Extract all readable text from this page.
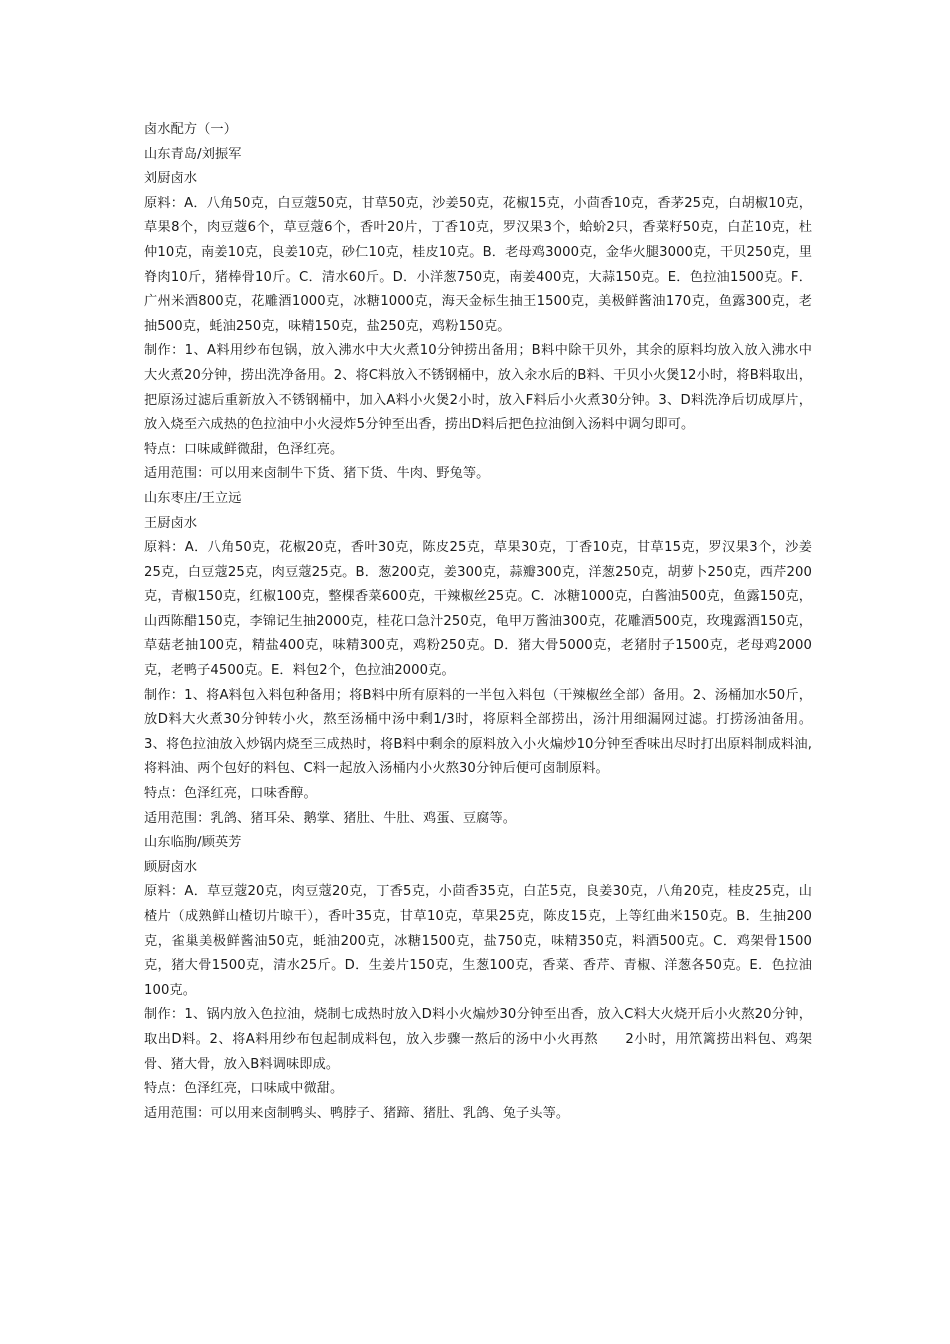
卤水配方（一）

山东青岛/刘振军

刘厨卤水

原料：A．八角50克，白豆蔻50克，甘草50克，沙姜50克，花椒15克，小茴香10克，香茅25克，白胡椒10克，草果8个，肉豆蔻6个，草豆蔻6个，香叶20片，丁香10克，罗汉果3个，蛤蚧2只，香菜籽50克，白芷10克，杜仲10克，南姜10克，良姜10克，砂仁10克，桂皮10克。B．老母鸡3000克，金华火腿3000克，干贝250克，里脊肉10斤，猪棒骨10斤。C．清水60斤。D．小洋葱750克，南姜400克，大蒜150克。E．色拉油1500克。F．广州米酒800克，花雕酒1000克，冰糖1000克，海天金标生抽王1500克，美极鲜酱油170克，鱼露300克，老抽500克，蚝油250克，味精150克，盐250克，鸡粉150克。

制作：1、A料用纱布包锅，放入沸水中大火煮10分钟捞出备用；B料中除干贝外，其余的原料均放入放入沸水中大火煮20分钟，捞出洗净备用。2、将C料放入不锈钢桶中，放入汆水后的B料、干贝小火煲12小时，将B料取出，把原汤过滤后重新放入不锈钢桶中，加入A料小火煲2小时，放入F料后小火煮30分钟。3、D料洗净后切成厚片，放入烧至六成热的色拉油中小火浸炸5分钟至出香，捞出D料后把色拉油倒入汤料中调匀即可。

特点：口味咸鲜微甜，色泽红亮。

适用范围：可以用来卤制牛下货、猪下货、牛肉、野兔等。

山东枣庄/王立远

王厨卤水

原料：A．八角50克，花椒20克，香叶30克，陈皮25克，草果30克，丁香10克，甘草15克，罗汉果3个，沙姜25克，白豆蔻25克，肉豆蔻25克。B．葱200克，姜300克，蒜瓣300克，洋葱250克，胡萝卜250克，西芹200克，青椒150克，红椒100克，整棵香菜600克，干辣椒丝25克。C．冰糖1000克，白酱油500克，鱼露150克，山西陈醋150克，李锦记生抽2000克，桂花口急汁250克，龟甲万酱油300克，花雕酒500克，玫瑰露酒150克，草菇老抽100克，精盐400克，味精300克，鸡粉250克。D．猪大骨5000克，老猪肘子1500克，老母鸡2000克，老鸭子4500克。E．料包2个，色拉油2000克。

制作：1、将A料包入料包种备用；将B料中所有原料的一半包入料包（干辣椒丝全部）备用。2、汤桶加水50斤，放D料大火煮30分钟转小火，熬至汤桶中汤中剩1/3时，将原料全部捞出，汤汁用细漏网过滤。打捞汤油备用。3、将色拉油放入炒锅内烧至三成热时，将B料中剩余的原料放入小火煸炒10分钟至香味出尽时打出原料制成料油,将料油、两个包好的料包、C料一起放入汤桶内小火熬30分钟后便可卤制原料。

特点：色泽红亮，口味香醇。

适用范围：乳鸽、猪耳朵、鹅掌、猪肚、牛肚、鸡蛋、豆腐等。

山东临朐/顾英芳

顾厨卤水

原料：A．草豆蔻20克，肉豆蔻20克，丁香5克，小茴香35克，白芷5克，良姜30克，八角20克，桂皮25克，山楂片（成熟鲜山楂切片晾干），香叶35克，甘草10克，草果25克，陈皮15克，上等红曲米150克。B．生抽200克，雀巢美极鲜酱油50克，蚝油200克，冰糖1500克，盐750克，味精350克，料酒500克。C．鸡架骨1500克，猪大骨1500克，清水25斤。D．生姜片150克，生葱100克，香菜、香芹、青椒、洋葱各50克。E．色拉油100克。

制作：1、锅内放入色拉油，烧制七成热时放入D料小火煸炒30分钟至出香，放入C料大火烧开后小火熬20分钟，取出D料。2、将A料用纱布包起制成料包，放入步骤一熬后的汤中小火再熬　　2小时，用笊篱捞出料包、鸡架骨、猪大骨，放入B料调味即成。

特点：色泽红亮，口味咸中微甜。

适用范围：可以用来卤制鸭头、鸭脖子、猪蹄、猪肚、乳鸽、兔子头等。
